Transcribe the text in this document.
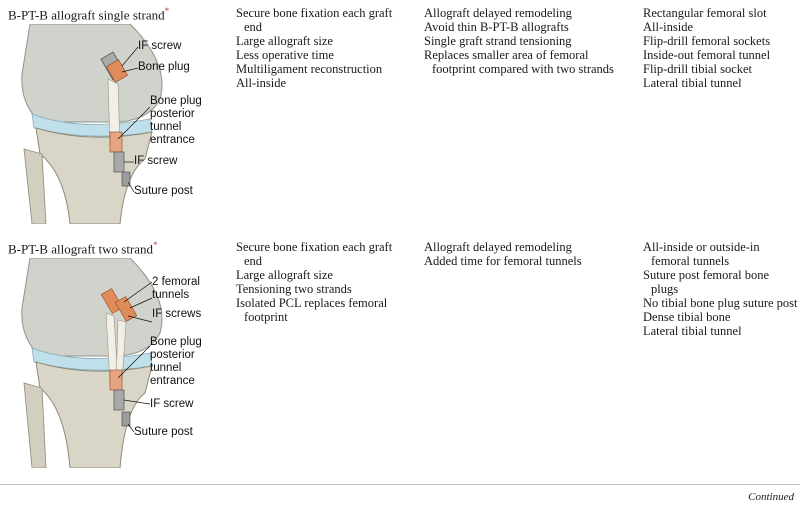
B-PT-B allograft single strand*
IF screw
Bone plug
Bone plug
posterior
tunnel
entrance
IF screw
Suture post

Secure bone fixation each graft end

Large allograft size

Less operative time

Multiligament reconstruction

All-inside

Allograft delayed remodeling

Avoid thin B-PT-B allografts

Single graft strand tensioning

Replaces smaller area of femoral footprint compared with two strands

Rectangular femoral slot

All-inside

Flip-drill femoral sockets

Inside-out femoral tunnel

Flip-drill tibial socket

Lateral tibial tunnel

B-PT-B allograft two strand*
2 femoral
tunnels
IF screws
Bone plug
posterior
tunnel
entrance
IF screw
Suture post

Secure bone fixation each graft end

Large allograft size

Tensioning two strands

Isolated PCL replaces femoral footprint

Allograft delayed remodeling

Added time for femoral tunnels

All-inside or outside-in femoral tunnels

Suture post femoral bone plugs

No tibial bone plug suture post

Dense tibial bone

Lateral tibial tunnel

Continued
